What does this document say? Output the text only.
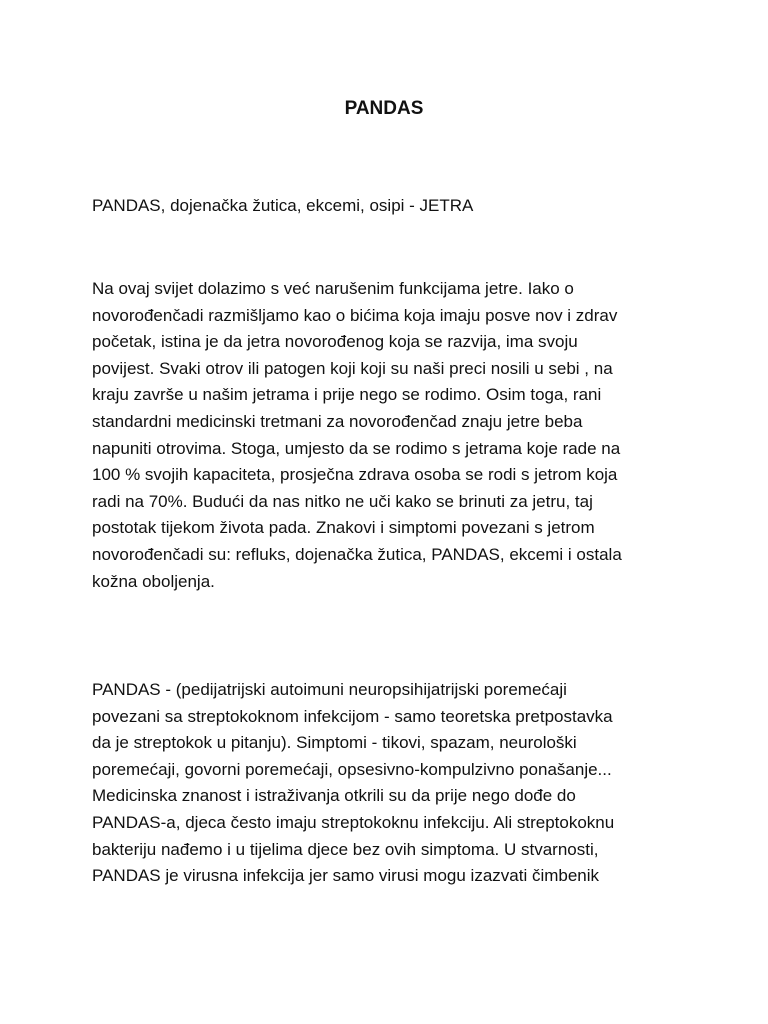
PANDAS

PANDAS, dojenačka žutica, ekcemi, osipi - JETRA

Na ovaj svijet dolazimo s već narušenim funkcijama jetre. Iako o
novorođenčadi razmišljamo kao o bićima koja imaju posve nov i zdrav
početak, istina je da jetra novorođenog koja se razvija, ima svoju
povijest. Svaki otrov ili patogen koji koji su naši preci nosili u sebi , na
kraju završe u našim jetrama i prije nego se rodimo. Osim toga, rani
standardni medicinski tretmani za novorođenčad znaju jetre beba
napuniti otrovima. Stoga, umjesto da se rodimo s jetrama koje rade na
100 % svojih kapaciteta, prosječna zdrava osoba se rodi s jetrom koja
radi na 70%. Budući da nas nitko ne uči kako se brinuti za jetru, taj
postotak tijekom života pada. Znakovi i simptomi povezani s jetrom
novorođenčadi su: refluks, dojenačka žutica, PANDAS, ekcemi i ostala
kožna oboljenja.

PANDAS - (pedijatrijski autoimuni neuropsihijatrijski poremećaji
povezani sa streptokoknom infekcijom - samo teoretska pretpostavka
da je streptokok u pitanju). Simptomi - tikovi, spazam, neurološki
poremećaji, govorni poremećaji, opsesivno-kompulzivno ponašanje...
Medicinska znanost i istraživanja otkrili su da prije nego dođe do
PANDAS-a, djeca često imaju streptokoknu infekciju. Ali streptokoknu
bakteriju nađemo i u tijelima djece bez ovih simptoma. U stvarnosti,
PANDAS je virusna infekcija jer samo virusi mogu izazvati čimbenik
